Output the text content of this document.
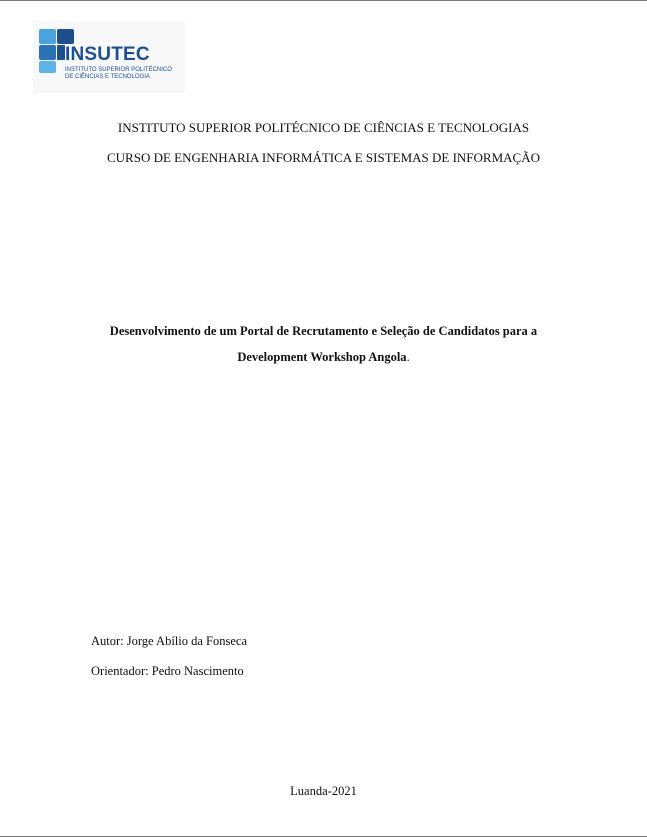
INSUTEC
INSTITUTO SUPERIOR POLITÉCNICO
DE CIÊNCIAS E TECNOLOGIA
INSTITUTO SUPERIOR POLITÉCNICO DE CIÊNCIAS E TECNOLOGIAS
CURSO DE ENGENHARIA INFORMÁTICA E SISTEMAS DE INFORMAÇÃO
Desenvolvimento de um Portal de Recrutamento e Seleção de Candidatos para a
Development Workshop Angola.
Autor: Jorge Abílio da Fonseca
Orientador: Pedro Nascimento
Luanda-2021
